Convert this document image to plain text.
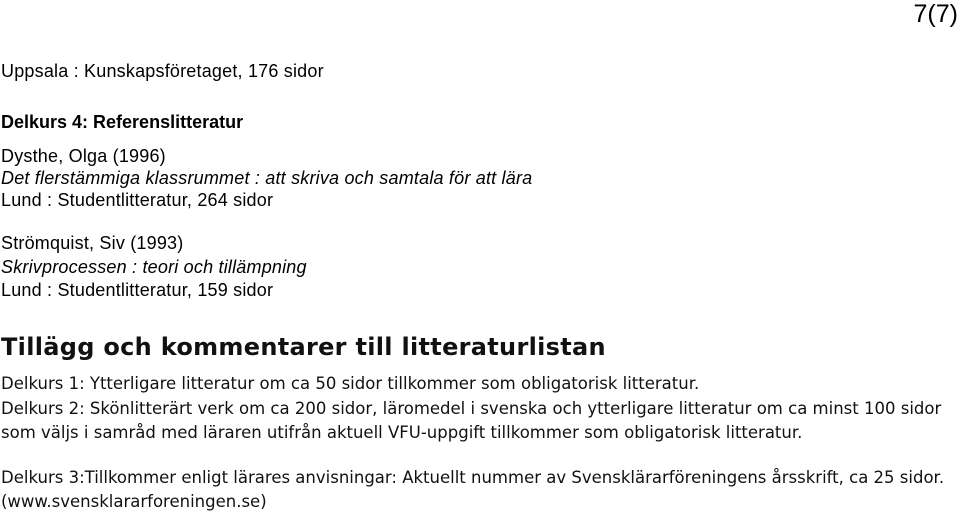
7(7)
Uppsala : Kunskapsföretaget, 176 sidor
Delkurs 4: Referenslitteratur
Dysthe, Olga (1996)
Det flerstämmiga klassrummet : att skriva och samtala för att lära
Lund : Studentlitteratur, 264 sidor
Strömquist, Siv (1993)
Skrivprocessen : teori och tillämpning
Lund : Studentlitteratur, 159 sidor
Tillägg och kommentarer till litteraturlistan
Delkurs 1: Ytterligare litteratur om ca 50 sidor tillkommer som obligatorisk litteratur.
Delkurs 2: Skönlitterärt verk om ca 200 sidor, läromedel i svenska och ytterligare litteratur om ca minst 100 sidor som väljs i samråd med läraren utifrån aktuell VFU-uppgift tillkommer som obligatorisk litteratur.
Delkurs 3:Tillkommer enligt lärares anvisningar: Aktuellt nummer av Svensklärarföreningens årsskrift, ca 25 sidor. (www.svensklararforeningen.se)
